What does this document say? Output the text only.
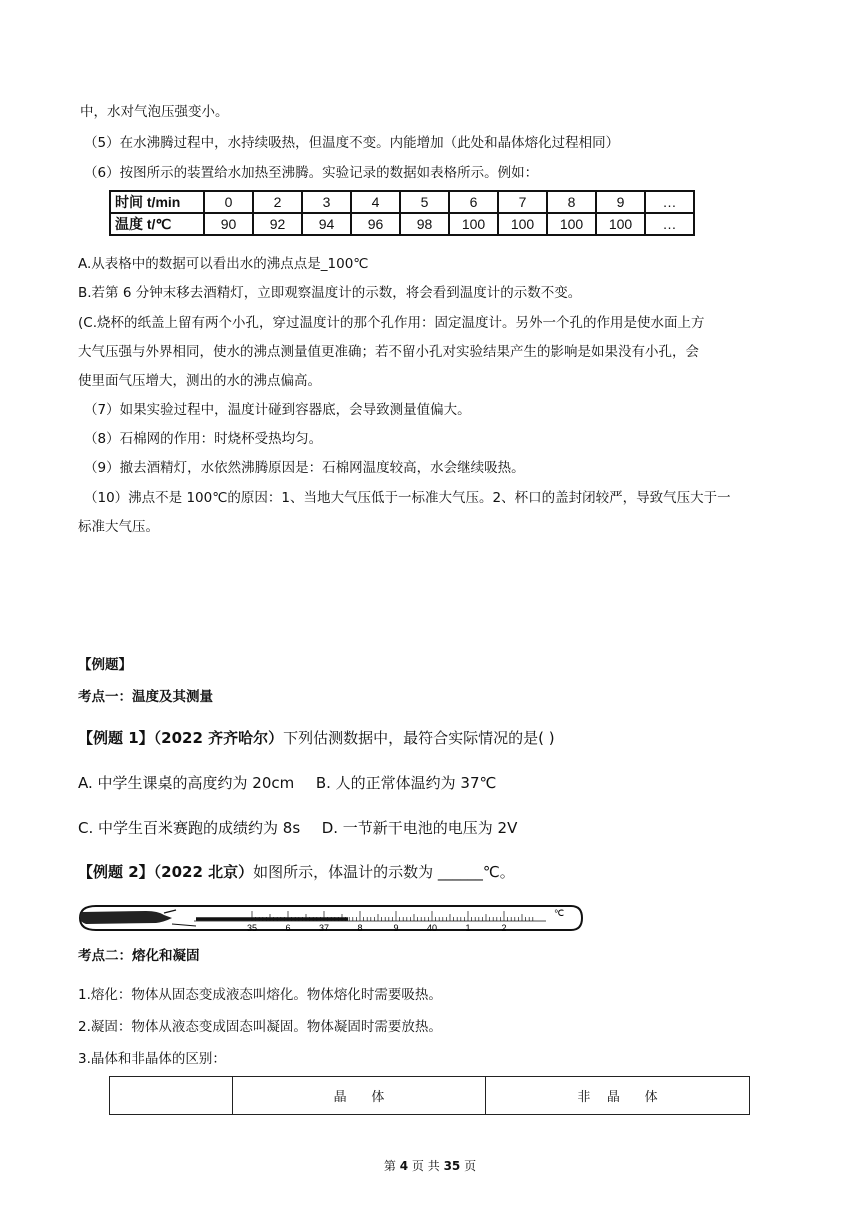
中，水对气泡压强变小。
（5）在水沸腾过程中，水持续吸热，但温度不变。内能增加（此处和晶体熔化过程相同）
（6）按图所示的装置给水加热至沸腾。实验记录的数据如表格所示。例如：
时间 t/min	0	2	3	4	5	6	7	8	9	…
温度 t/℃	90	92	94	96	98	100	100	100	100	…
A.从表格中的数据可以看出水的沸点点是_100℃
B.若第 6 分钟末移去酒精灯，立即观察温度计的示数，将会看到温度计的示数不变。
(C.烧杯的纸盖上留有两个小孔，穿过温度计的那个孔作用：固定温度计。另外一个孔的作用是使水面上方
大气压强与外界相同，使水的沸点测量值更准确；若不留小孔对实验结果产生的影响是如果没有小孔，会
使里面气压增大，测出的水的沸点偏高。
（7）如果实验过程中，温度计碰到容器底，会导致测量值偏大。
（8）石棉网的作用：时烧杯受热均匀。
（9）撤去酒精灯，水依然沸腾原因是：石棉网温度较高，水会继续吸热。
（10）沸点不是 100℃的原因：1、当地大气压低于一标准大气压。2、杯口的盖封闭较严，导致气压大于一
标准大气压。
【例题】
考点一：温度及其测量
【例题 1】（2022 齐齐哈尔）下列估测数据中，最符合实际情况的是( )
A. 中学生课桌的高度约为 20cm B. 人的正常体温约为 37℃
C. 中学生百米赛跑的成绩约为 8s D. 一节新干电池的电压为 2V
【例题 2】（2022 北京）如图所示，体温计的示数为 ______℃。
35	6	37	8	9	40	1	2
℃
考点二：熔化和凝固
1.熔化：物体从固态变成液态叫熔化。物体熔化时需要吸热。
2.凝固：物体从液态变成固态叫凝固。物体凝固时需要放热。
3.晶体和非晶体的区别：
	晶      体	非    晶      体
第 4 页 共 35 页
